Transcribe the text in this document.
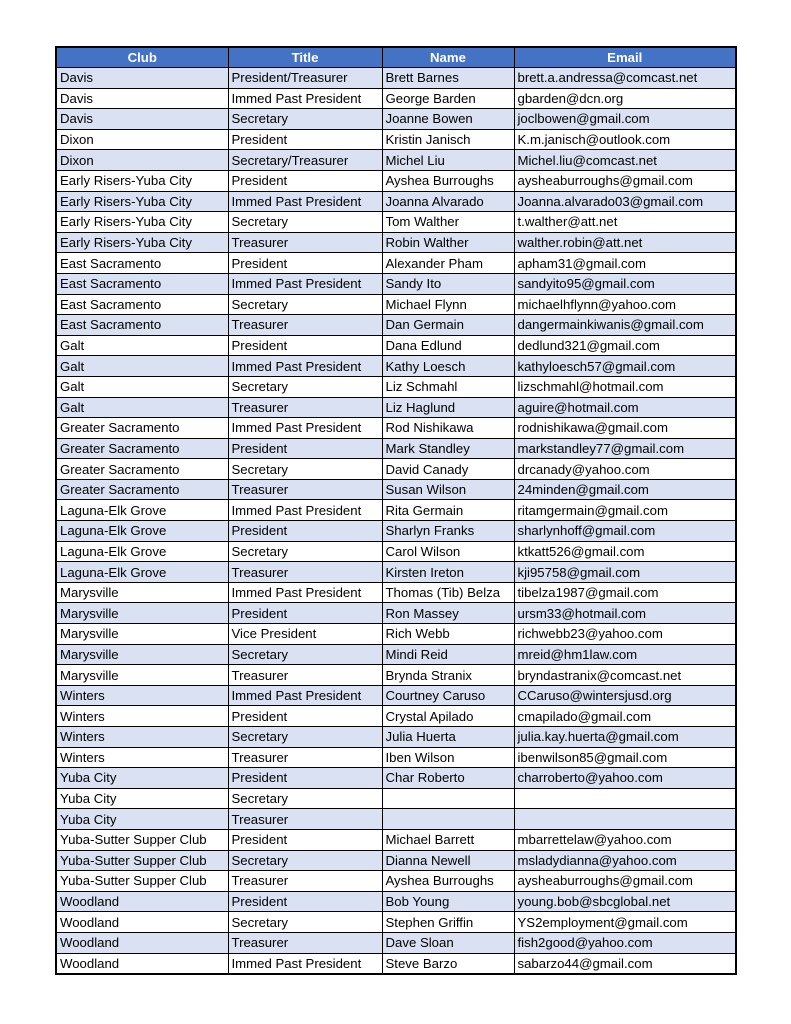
Club	Title	Name	Email
Davis	President/Treasurer	Brett Barnes	brett.a.andressa@comcast.net
Davis	Immed Past President	George Barden	gbarden@dcn.org
Davis	Secretary	Joanne Bowen	joclbowen@gmail.com
Dixon	President	Kristin Janisch	K.m.janisch@outlook.com
Dixon	Secretary/Treasurer	Michel Liu	Michel.liu@comcast.net
Early Risers-Yuba City	President	Ayshea Burroughs	aysheaburroughs@gmail.com
Early Risers-Yuba City	Immed Past President	Joanna Alvarado	Joanna.alvarado03@gmail.com
Early Risers-Yuba City	Secretary	Tom Walther	t.walther@att.net
Early Risers-Yuba City	Treasurer	Robin Walther	walther.robin@att.net
East Sacramento	President	Alexander Pham	apham31@gmail.com
East Sacramento	Immed Past President	Sandy Ito	sandyito95@gmail.com
East Sacramento	Secretary	Michael Flynn	michaelhflynn@yahoo.com
East Sacramento	Treasurer	Dan Germain	dangermainkiwanis@gmail.com
Galt	President	Dana Edlund	dedlund321@gmail.com
Galt	Immed Past President	Kathy Loesch	kathyloesch57@gmail.com
Galt	Secretary	Liz Schmahl	lizschmahl@hotmail.com
Galt	Treasurer	Liz Haglund	aguire@hotmail.com
Greater Sacramento	Immed Past President	Rod Nishikawa	rodnishikawa@gmail.com
Greater Sacramento	President	Mark Standley	markstandley77@gmail.com
Greater Sacramento	Secretary	David Canady	drcanady@yahoo.com
Greater Sacramento	Treasurer	Susan Wilson	24minden@gmail.com
Laguna-Elk Grove	Immed Past President	Rita Germain	ritamgermain@gmail.com
Laguna-Elk Grove	President	Sharlyn Franks	sharlynhoff@gmail.com
Laguna-Elk Grove	Secretary	Carol Wilson	ktkatt526@gmail.com
Laguna-Elk Grove	Treasurer	Kirsten Ireton	kji95758@gmail.com
Marysville	Immed Past President	Thomas (Tib) Belza	tibelza1987@gmail.com
Marysville	President	Ron Massey	ursm33@hotmail.com
Marysville	Vice President	Rich Webb	richwebb23@yahoo.com
Marysville	Secretary	Mindi Reid	mreid@hm1law.com
Marysville	Treasurer	Brynda Stranix	bryndastranix@comcast.net
Winters	Immed Past President	Courtney Caruso	CCaruso@wintersjusd.org
Winters	President	Crystal Apilado	cmapilado@gmail.com
Winters	Secretary	Julia Huerta	julia.kay.huerta@gmail.com
Winters	Treasurer	Iben Wilson	ibenwilson85@gmail.com
Yuba City	President	Char Roberto	charroberto@yahoo.com
Yuba City	Secretary		
Yuba City	Treasurer		
Yuba-Sutter Supper Club	President	Michael Barrett	mbarrettelaw@yahoo.com
Yuba-Sutter Supper Club	Secretary	Dianna Newell	msladydianna@yahoo.com
Yuba-Sutter Supper Club	Treasurer	Ayshea Burroughs	aysheaburroughs@gmail.com
Woodland	President	Bob Young	young.bob@sbcglobal.net
Woodland	Secretary	Stephen Griffin	YS2employment@gmail.com
Woodland	Treasurer	Dave Sloan	fish2good@yahoo.com
Woodland	Immed Past President	Steve Barzo	sabarzo44@gmail.com
